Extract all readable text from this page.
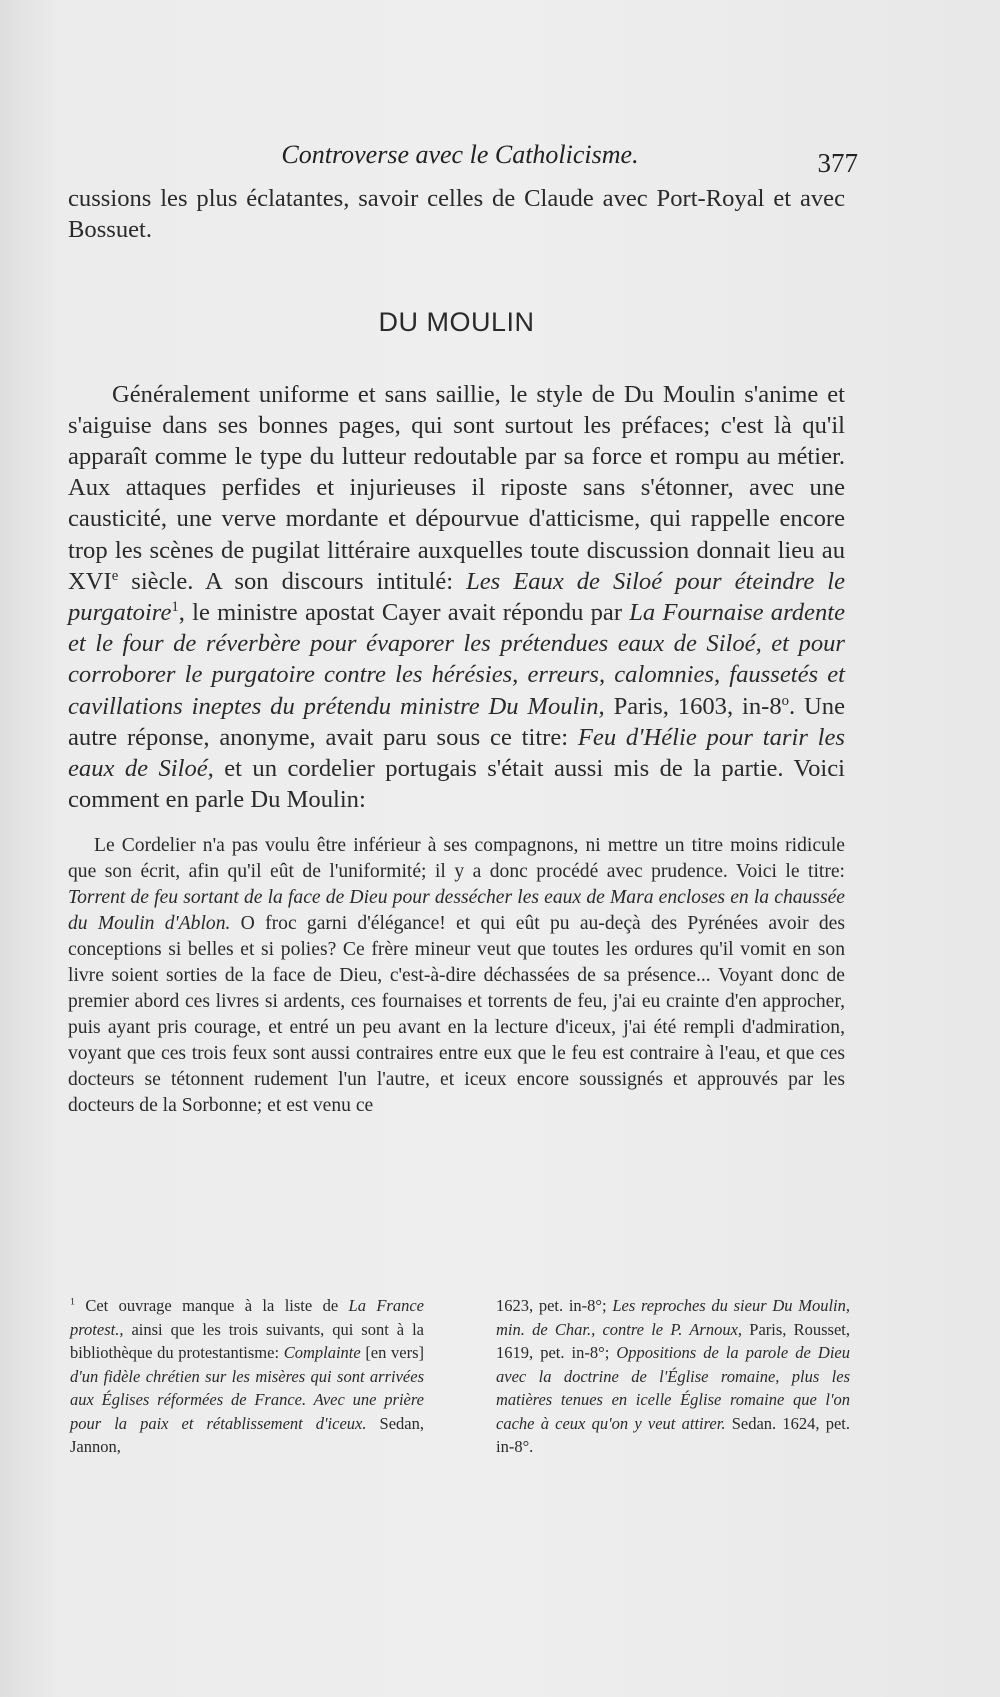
Controverse avec le Catholicisme.	377

cussions les plus éclatantes, savoir celles de Claude avec Port-Royal et avec Bossuet.

DU MOULIN

Généralement uniforme et sans saillie, le style de Du Moulin s'anime et s'aiguise dans ses bonnes pages, qui sont surtout les préfaces; c'est là qu'il apparaît comme le type du lutteur redoutable par sa force et rompu au métier. Aux attaques perfides et injurieuses il riposte sans s'étonner, avec une causticité, une verve mordante et dépourvue d'atticisme, qui rappelle encore trop les scènes de pugilat littéraire auxquelles toute discussion donnait lieu au XVIe siècle. A son discours intitulé: Les Eaux de Siloé pour éteindre le purgatoire$^1$, le ministre apostat Cayer avait répondu par La Fournaise ardente et le four de réverbère pour évaporer les prétendues eaux de Siloé, et pour corroborer le purgatoire contre les hérésies, erreurs, calomnies, faussetés et cavillations ineptes du prétendu ministre Du Moulin, Paris, 1603, in-8$^o$. Une autre réponse, anonyme, avait paru sous ce titre: Feu d'Hélie pour tarir les eaux de Siloé, et un cordelier portugais s'était aussi mis de la partie. Voici comment en parle Du Moulin:

Le Cordelier n'a pas voulu être inférieur à ses compagnons, ni mettre un titre moins ridicule que son écrit, afin qu'il eût de l'uniformité; il y a donc procédé avec prudence. Voici le titre: Torrent de feu sortant de la face de Dieu pour dessécher les eaux de Mara encloses en la chaussée du Moulin d'Ablon. O froc garni d'élégance! et qui eût pu au-deçà des Pyrénées avoir des conceptions si belles et si polies? Ce frère mineur veut que toutes les ordures qu'il vomit en son livre soient sorties de la face de Dieu, c'est-à-dire déchassées de sa présence... Voyant donc de premier abord ces livres si ardents, ces fournaises et torrents de feu, j'ai eu crainte d'en approcher, puis ayant pris courage, et entré un peu avant en la lecture d'iceux, j'ai été rempli d'admiration, voyant que ces trois feux sont aussi contraires entre eux que le feu est contraire à l'eau, et que ces docteurs se tétonnent rudement l'un l'autre, et iceux encore soussignés et approuvés par les docteurs de la Sorbonne; et est venu ce

$^1$ Cet ouvrage manque à la liste de La France protest., ainsi que les trois suivants, qui sont à la bibliothèque du protestantisme: Complainte [en vers] d'un fidèle chrétien sur les misères qui sont arrivées aux Églises réformées de France. Avec une prière pour la paix et rétablissement d'iceux. Sedan, Jannon,

1623, pet. in-8°; Les reproches du sieur Du Moulin, min. de Char., contre le P. Arnoux, Paris, Rousset, 1619, pet. in-8°; Oppositions de la parole de Dieu avec la doctrine de l'Église romaine, plus les matières tenues en icelle Église romaine que l'on cache à ceux qu'on y veut attirer. Sedan. 1624, pet. in-8°.
